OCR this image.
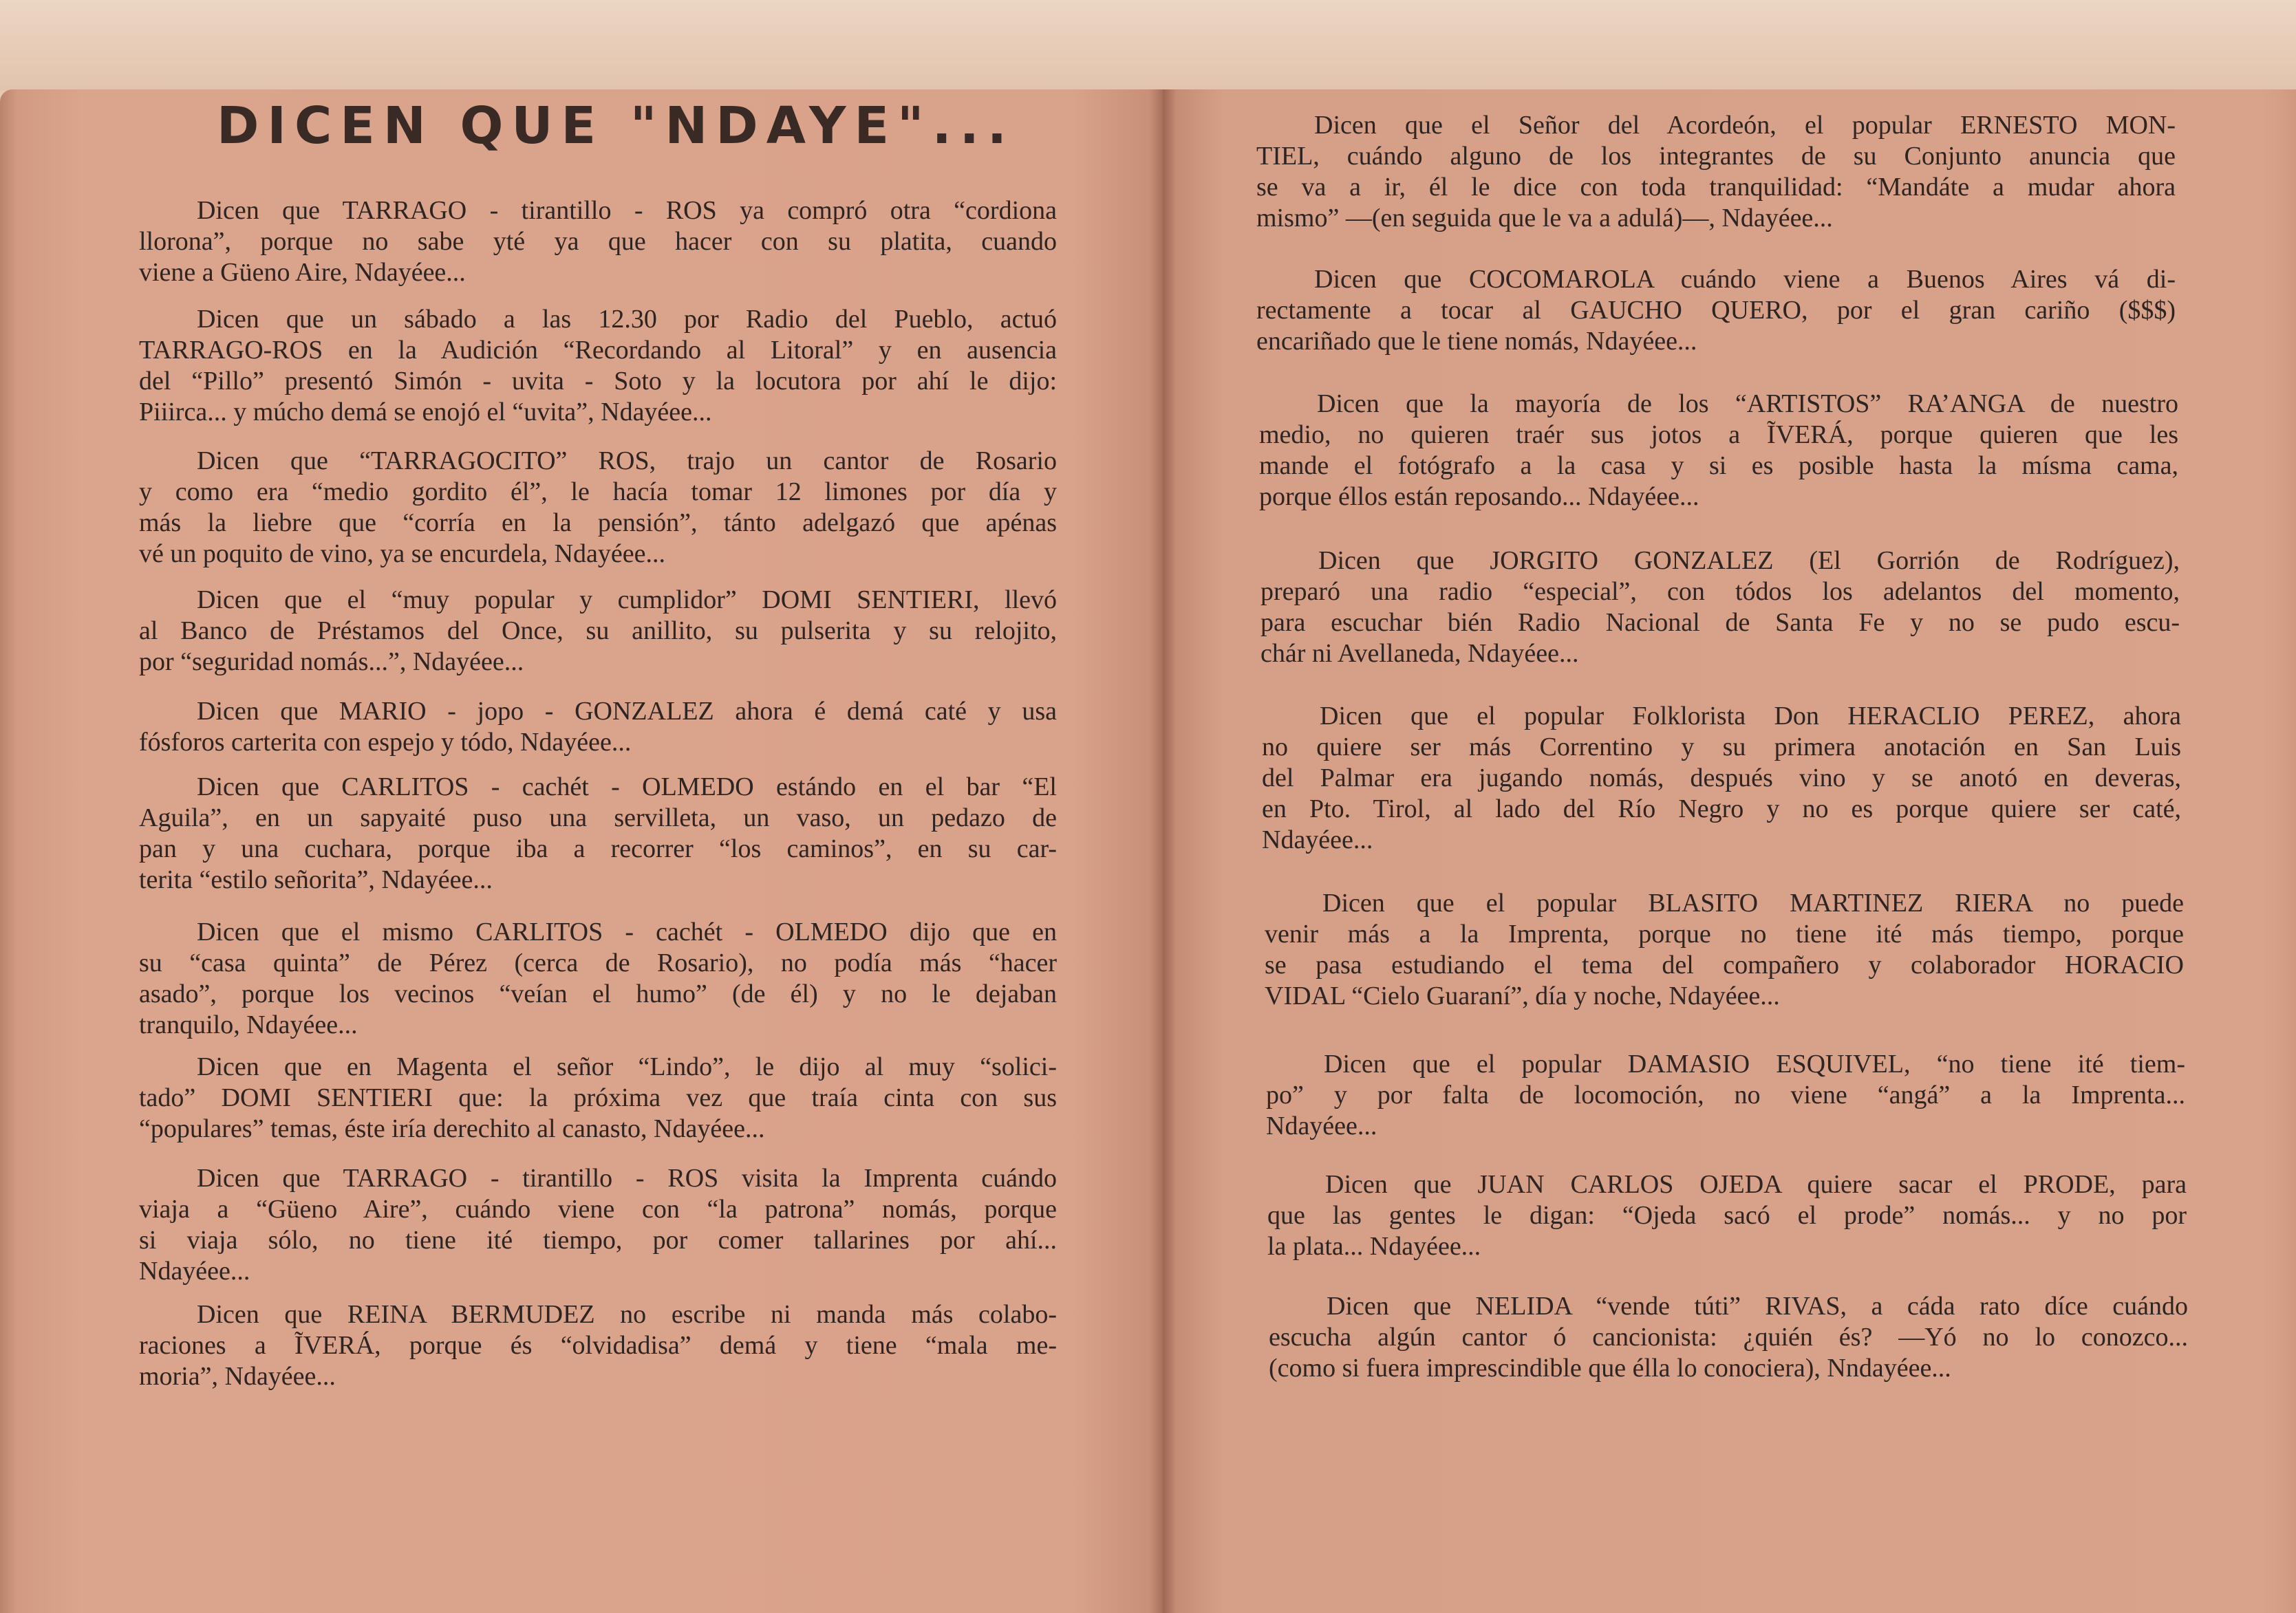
DICEN QUE "NDAYE"...
Dicen que TARRAGO - tirantillo - ROS ya compró otra “cordiona
llorona”, porque no sabe yté ya que hacer con su platita, cuando
viene a Güeno Aire, Ndayéee...
Dicen que un sábado a las 12.30 por Radio del Pueblo, actuó
TARRAGO-ROS en la Audición “Recordando al Litoral” y en ausencia
del “Pillo” presentó Simón - uvita - Soto y la locutora por ahí le dijo:
Piiirca... y múcho demá se enojó el “uvita”, Ndayéee...
Dicen que “TARRAGOCITO” ROS, trajo un cantor de Rosario
y como era “medio gordito él”, le hacía tomar 12 limones por día y
más la liebre que “corría en la pensión”, tánto adelgazó que apénas
vé un poquito de vino, ya se encurdela, Ndayéee...
Dicen que el “muy popular y cumplidor” DOMI SENTIERI, llevó
al Banco de Préstamos del Once, su anillito, su pulserita y su relojito,
por “seguridad nomás...”, Ndayéee...
Dicen que MARIO - jopo - GONZALEZ ahora é demá caté y usa
fósforos carterita con espejo y tódo, Ndayéee...
Dicen que CARLITOS - cachét - OLMEDO estándo en el bar “El
Aguila”, en un sapyaité puso una servilleta, un vaso, un pedazo de
pan y una cuchara, porque iba a recorrer “los caminos”, en su car-
terita “estilo señorita”, Ndayéee...
Dicen que el mismo CARLITOS - cachét - OLMEDO dijo que en
su “casa quinta” de Pérez (cerca de Rosario), no podía más “hacer
asado”, porque los vecinos “veían el humo” (de él) y no le dejaban
tranquilo, Ndayéee...
Dicen que en Magenta el señor “Lindo”, le dijo al muy “solici-
tado” DOMI SENTIERI que: la próxima vez que traía cinta con sus
“populares” temas, éste iría derechito al canasto, Ndayéee...
Dicen que TARRAGO - tirantillo - ROS visita la Imprenta cuándo
viaja a “Güeno Aire”, cuándo viene con “la patrona” nomás, porque
si viaja sólo, no tiene ité tiempo, por comer tallarines por ahí...
Ndayéee...
Dicen que REINA BERMUDEZ no escribe ni manda más colabo-
raciones a ĨVERÁ, porque és “olvidadisa” demá y tiene “mala me-
moria”, Ndayéee...
Dicen que el Señor del Acordeón, el popular ERNESTO MON-
TIEL, cuándo alguno de los integrantes de su Conjunto anuncia que
se va a ir, él le dice con toda tranquilidad: “Mandáte a mudar ahora
mismo” —(en seguida que le va a adulá)—, Ndayéee...
Dicen que COCOMAROLA cuándo viene a Buenos Aires vá di-
rectamente a tocar al GAUCHO QUERO, por el gran cariño ($$$)
encariñado que le tiene nomás, Ndayéee...
Dicen que la mayoría de los “ARTISTOS” RA’ANGA de nuestro
medio, no quieren traér sus jotos a ĨVERÁ, porque quieren que les
mande el fotógrafo a la casa y si es posible hasta la mísma cama,
porque éllos están reposando... Ndayéee...
Dicen que JORGITO GONZALEZ (El Gorrión de Rodríguez),
preparó una radio “especial”, con tódos los adelantos del momento,
para escuchar bién Radio Nacional de Santa Fe y no se pudo escu-
chár ni Avellaneda, Ndayéee...
Dicen que el popular Folklorista Don HERACLIO PEREZ, ahora
no quiere ser más Correntino y su primera anotación en San Luis
del Palmar era jugando nomás, después vino y se anotó en deveras,
en Pto. Tirol, al lado del Río Negro y no es porque quiere ser caté,
Ndayéee...
Dicen que el popular BLASITO MARTINEZ RIERA no puede
venir más a la Imprenta, porque no tiene ité más tiempo, porque
se pasa estudiando el tema del compañero y colaborador HORACIO
VIDAL “Cielo Guaraní”, día y noche, Ndayéee...
Dicen que el popular DAMASIO ESQUIVEL, “no tiene ité tiem-
po” y por falta de locomoción, no viene “angá” a la Imprenta...
Ndayéee...
Dicen que JUAN CARLOS OJEDA quiere sacar el PRODE, para
que las gentes le digan: “Ojeda sacó el prode” nomás... y no por
la plata... Ndayéee...
Dicen que NELIDA “vende túti” RIVAS, a cáda rato díce cuándo
escucha algún cantor ó cancionista: ¿quién és? —Yó no lo conozco...
(como si fuera imprescindible que élla lo conociera), Nndayéee...
